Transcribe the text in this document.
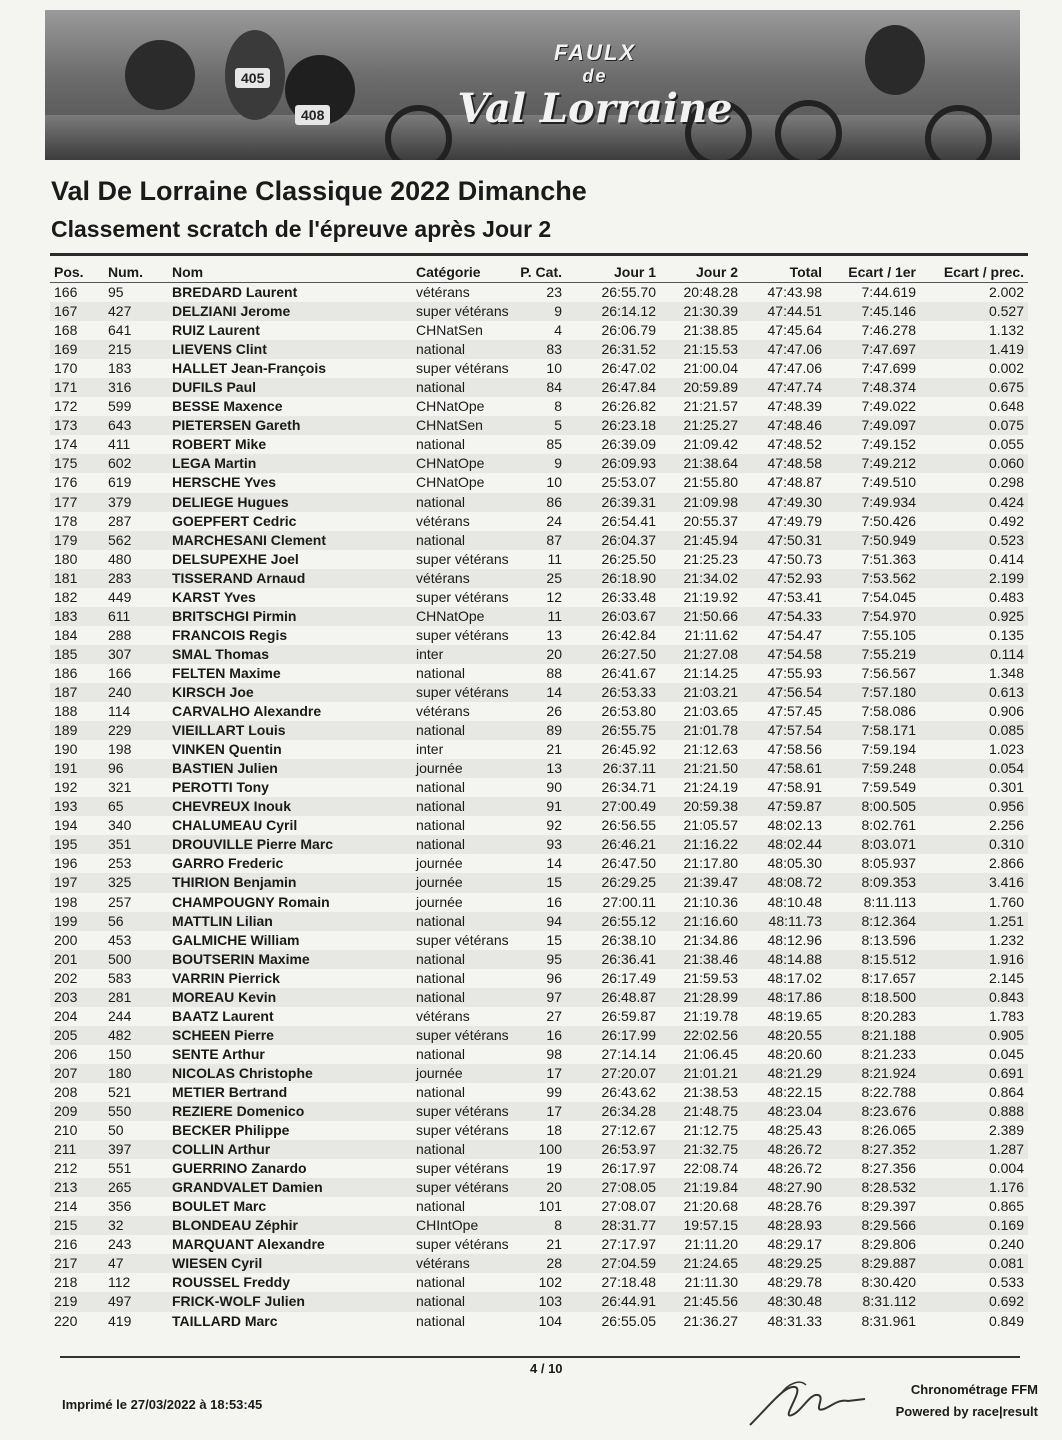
405
408
FAULX
de
Val Lorraine
Val De Lorraine Classique 2022 Dimanche
Classement scratch de l'épreuve après Jour 2
Pos. Num. Nom	Catégorie	P. Cat.	Jour 1	Jour 2	Total Ecart / 1er Ecart / prec.
166 95	BREDARD Laurent	vétérans	23	26:55.70 20:48.28 47:43.98	7:44.619	2.002
167 427	DELZIANI Jerome	super vétérans	9	26:14.12 21:30.39 47:44.51	7:45.146	0.527
168 641	RUIZ Laurent	CHNatSen	4	26:06.79 21:38.85 47:45.64	7:46.278	1.132
169 215	LIEVENS Clint	national	83	26:31.52 21:15.53 47:47.06	7:47.697	1.419
170 183	HALLET Jean-François	super vétérans	10	26:47.02 21:00.04 47:47.06	7:47.699	0.002
171 316	DUFILS Paul	national	84	26:47.84 20:59.89 47:47.74	7:48.374	0.675
172 599	BESSE Maxence	CHNatOpe	8	26:26.82 21:21.57 47:48.39	7:49.022	0.648
173 643	PIETERSEN Gareth	CHNatSen	5	26:23.18 21:25.27 47:48.46	7:49.097	0.075
174 411	ROBERT Mike	national	85	26:39.09 21:09.42 47:48.52	7:49.152	0.055
175 602	LEGA Martin	CHNatOpe	9	26:09.93 21:38.64 47:48.58	7:49.212	0.060
176 619	HERSCHE Yves	CHNatOpe	10	25:53.07 21:55.80 47:48.87	7:49.510	0.298
177 379	DELIEGE Hugues	national	86	26:39.31 21:09.98 47:49.30	7:49.934	0.424
178 287	GOEPFERT Cedric	vétérans	24	26:54.41 20:55.37 47:49.79	7:50.426	0.492
179 562	MARCHESANI Clement	national	87	26:04.37 21:45.94 47:50.31	7:50.949	0.523
180 480	DELSUPEXHE Joel	super vétérans	11	26:25.50 21:25.23 47:50.73	7:51.363	0.414
181 283	TISSERAND Arnaud	vétérans	25	26:18.90 21:34.02 47:52.93	7:53.562	2.199
182 449	KARST Yves	super vétérans	12	26:33.48 21:19.92 47:53.41	7:54.045	0.483
183 611	BRITSCHGI Pirmin	CHNatOpe	11	26:03.67 21:50.66 47:54.33	7:54.970	0.925
184 288	FRANCOIS Regis	super vétérans	13	26:42.84 21:11.62 47:54.47	7:55.105	0.135
185 307	SMAL Thomas	inter	20	26:27.50 21:27.08 47:54.58	7:55.219	0.114
186 166	FELTEN Maxime	national	88	26:41.67 21:14.25 47:55.93	7:56.567	1.348
187 240	KIRSCH Joe	super vétérans	14	26:53.33 21:03.21 47:56.54	7:57.180	0.613
188 114	CARVALHO Alexandre	vétérans	26	26:53.80 21:03.65 47:57.45	7:58.086	0.906
189 229	VIEILLART Louis	national	89	26:55.75 21:01.78 47:57.54	7:58.171	0.085
190 198	VINKEN Quentin	inter	21	26:45.92 21:12.63 47:58.56	7:59.194	1.023
191 96	BASTIEN Julien	journée	13	26:37.11 21:21.50 47:58.61	7:59.248	0.054
192 321	PEROTTI Tony	national	90	26:34.71 21:24.19 47:58.91	7:59.549	0.301
193 65	CHEVREUX Inouk	national	91	27:00.49 20:59.38 47:59.87	8:00.505	0.956
194 340	CHALUMEAU Cyril	national	92	26:56.55 21:05.57 48:02.13	8:02.761	2.256
195 351	DROUVILLE Pierre Marc	national	93	26:46.21 21:16.22 48:02.44	8:03.071	0.310
196 253	GARRO Frederic	journée	14	26:47.50 21:17.80 48:05.30	8:05.937	2.866
197 325	THIRION Benjamin	journée	15	26:29.25 21:39.47 48:08.72	8:09.353	3.416
198 257	CHAMPOUGNY Romain	journée	16	27:00.11 21:10.36 48:10.48	8:11.113	1.760
199 56	MATTLIN Lilian	national	94	26:55.12 21:16.60 48:11.73	8:12.364	1.251
200 453	GALMICHE William	super vétérans	15	26:38.10 21:34.86 48:12.96	8:13.596	1.232
201 500	BOUTSERIN Maxime	national	95	26:36.41 21:38.46 48:14.88	8:15.512	1.916
202 583	VARRIN Pierrick	national	96	26:17.49 21:59.53 48:17.02	8:17.657	2.145
203 281	MOREAU Kevin	national	97	26:48.87 21:28.99 48:17.86	8:18.500	0.843
204 244	BAATZ Laurent	vétérans	27	26:59.87 21:19.78 48:19.65	8:20.283	1.783
205 482	SCHEEN Pierre	super vétérans	16	26:17.99 22:02.56 48:20.55	8:21.188	0.905
206 150	SENTE Arthur	national	98	27:14.14 21:06.45 48:20.60	8:21.233	0.045
207 180	NICOLAS Christophe	journée	17	27:20.07 21:01.21 48:21.29	8:21.924	0.691
208 521	METIER Bertrand	national	99	26:43.62 21:38.53 48:22.15	8:22.788	0.864
209 550	REZIERE Domenico	super vétérans	17	26:34.28 21:48.75 48:23.04	8:23.676	0.888
210 50	BECKER Philippe	super vétérans	18	27:12.67 21:12.75 48:25.43	8:26.065	2.389
211 397	COLLIN Arthur	national	100	26:53.97 21:32.75 48:26.72	8:27.352	1.287
212 551	GUERRINO Zanardo	super vétérans	19	26:17.97 22:08.74 48:26.72	8:27.356	0.004
213 265	GRANDVALET Damien	super vétérans	20	27:08.05 21:19.84 48:27.90	8:28.532	1.176
214 356	BOULET Marc	national	101	27:08.07 21:20.68 48:28.76	8:29.397	0.865
215 32	BLONDEAU Zéphir	CHIntOpe	8	28:31.77 19:57.15 48:28.93	8:29.566	0.169
216 243	MARQUANT Alexandre	super vétérans	21	27:17.97 21:11.20 48:29.17	8:29.806	0.240
217 47	WIESEN Cyril	vétérans	28	27:04.59 21:24.65 48:29.25	8:29.887	0.081
218 112	ROUSSEL Freddy	national	102	27:18.48 21:11.30 48:29.78	8:30.420	0.533
219 497	FRICK-WOLF Julien	national	103	26:44.91 21:45.56 48:30.48	8:31.112	0.692
220 419	TAILLARD Marc	national	104	26:55.05 21:36.27 48:31.33	8:31.961	0.849
Imprimé le 27/03/2022 à 18:53:45
4 / 10
Chronométrage FFM
Powered by race|result
